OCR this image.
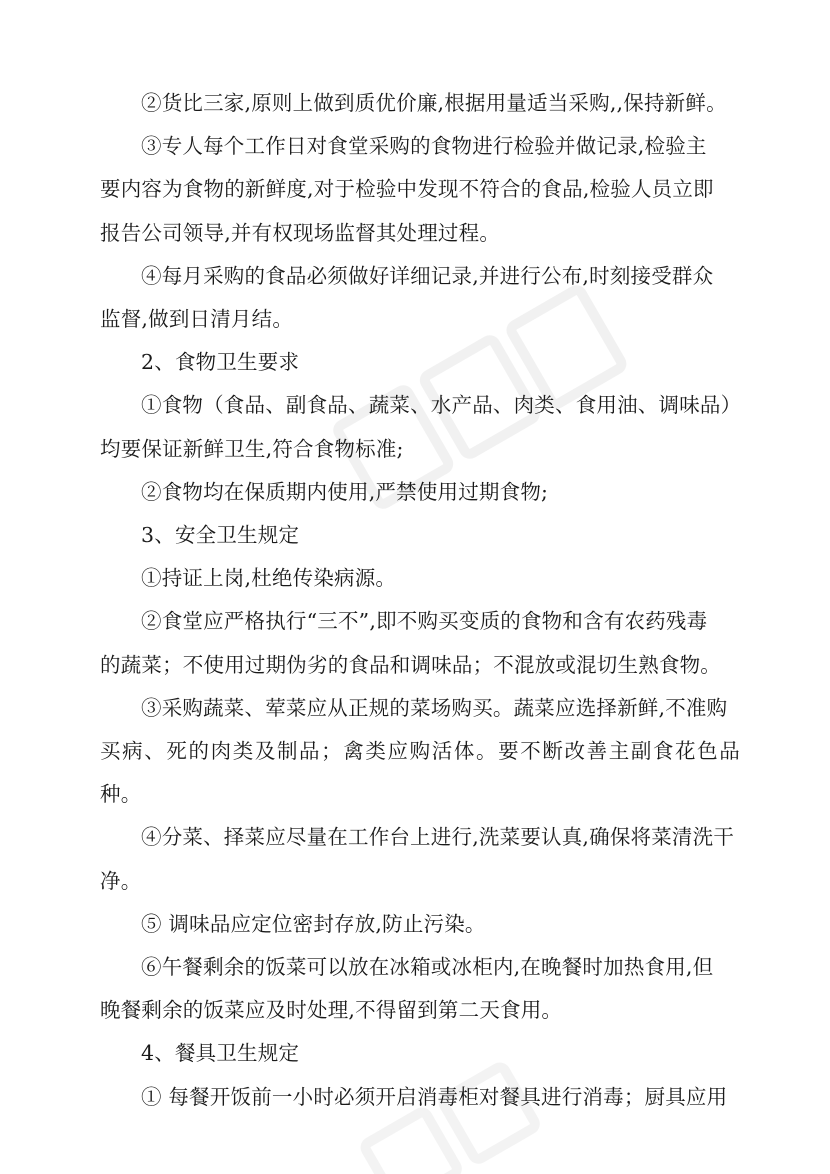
②货比三家,原则上做到质优价廉,根据用量适当采购,,保持新鲜。
③专人每个工作日对食堂采购的食物进行检验并做记录,检验主
要内容为食物的新鲜度,对于检验中发现不符合的食品,检验人员立即
报告公司领导,并有权现场监督其处理过程。
④每月采购的食品必须做好详细记录,并进行公布,时刻接受群众
监督,做到日清月结。
2、食物卫生要求
①食物（食品、副食品、蔬菜、水产品、肉类、食用油、调味品）
均要保证新鲜卫生,符合食物标准;
②食物均在保质期内使用,严禁使用过期食物;
3、安全卫生规定
①持证上岗,杜绝传染病源。
②食堂应严格执行“三不”,即不购买变质的食物和含有农药残毒
的蔬菜；不使用过期伪劣的食品和调味品；不混放或混切生熟食物。
③采购蔬菜、荤菜应从正规的菜场购买。蔬菜应选择新鲜,不准购
买病、死的肉类及制品；禽类应购活体。要不断改善主副食花色品种。
④分菜、择菜应尽量在工作台上进行,洗菜要认真,确保将菜清洗干
净。
⑤ 调味品应定位密封存放,防止污染。
⑥午餐剩余的饭菜可以放在冰箱或冰柜内,在晚餐时加热食用,但
晚餐剩余的饭菜应及时处理,不得留到第二天食用。
4、餐具卫生规定
① 每餐开饭前一小时必须开启消毒柜对餐具进行消毒；厨具应用
